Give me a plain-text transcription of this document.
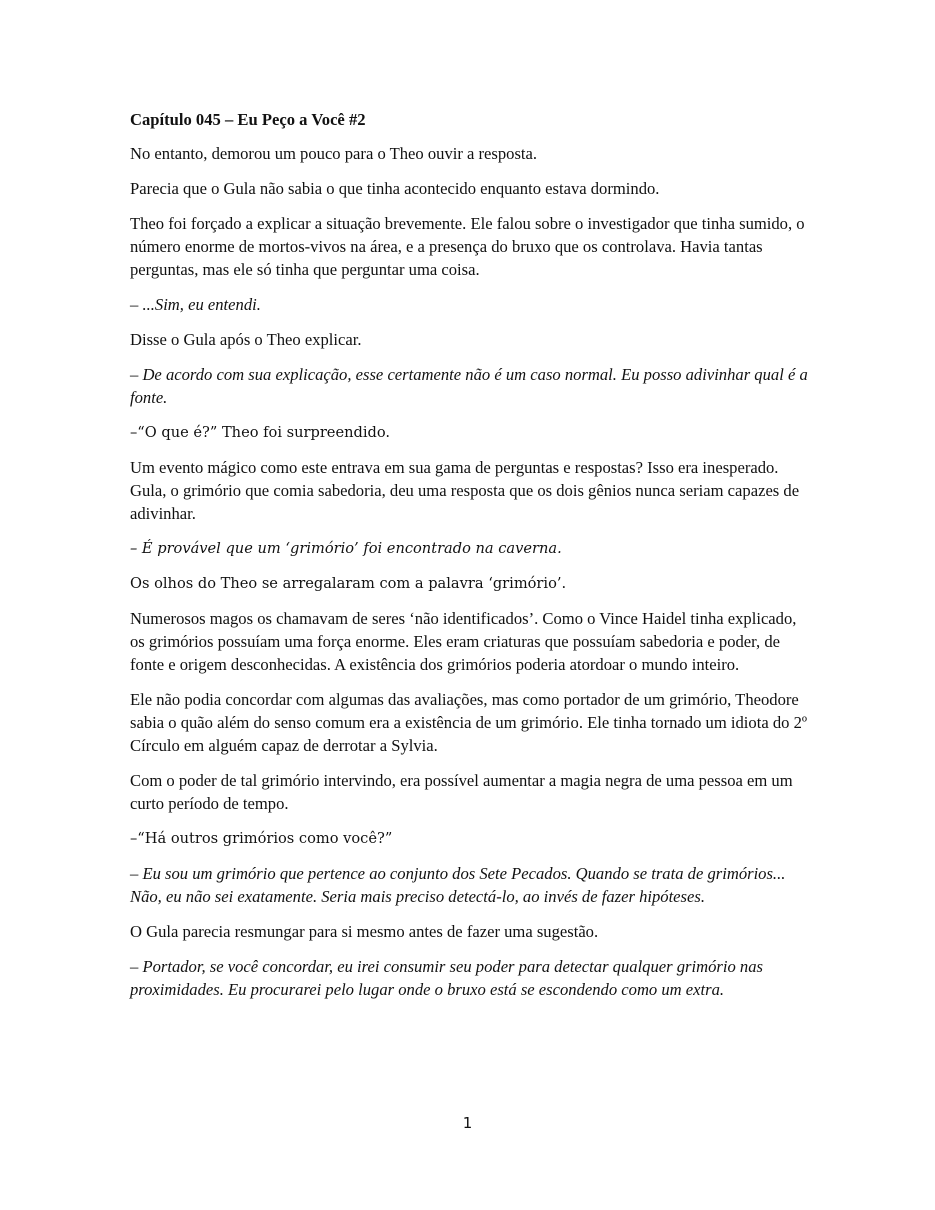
Capítulo 045 – Eu Peço a Você #2

No entanto, demorou um pouco para o Theo ouvir a resposta.

Parecia que o Gula não sabia o que tinha acontecido enquanto estava dormindo.

Theo foi forçado a explicar a situação brevemente. Ele falou sobre o investigador que tinha sumido, o número enorme de mortos-vivos na área, e a presença do bruxo que os controlava. Havia tantas perguntas, mas ele só tinha que perguntar uma coisa.

– ...Sim, eu entendi.

Disse o Gula após o Theo explicar.

– De acordo com sua explicação, esse certamente não é um caso normal. Eu posso adivinhar qual é a fonte.

–“O que é?” Theo foi surpreendido.

Um evento mágico como este entrava em sua gama de perguntas e respostas? Isso era inesperado. Gula, o grimório que comia sabedoria, deu uma resposta que os dois gênios nunca seriam capazes de adivinhar.

– É provável que um ‘grimório’ foi encontrado na caverna.

Os olhos do Theo se arregalaram com a palavra ‘grimório’.

Numerosos magos os chamavam de seres ‘não identificados’. Como o Vince Haidel tinha explicado, os grimórios possuíam uma força enorme. Eles eram criaturas que possuíam sabedoria e poder, de fonte e origem desconhecidas. A existência dos grimórios poderia atordoar o mundo inteiro.

Ele não podia concordar com algumas das avaliações, mas como portador de um grimório, Theodore sabia o quão além do senso comum era a existência de um grimório. Ele tinha tornado um idiota do 2º Círculo em alguém capaz de derrotar a Sylvia.

Com o poder de tal grimório intervindo, era possível aumentar a magia negra de uma pessoa em um curto período de tempo.

–“Há outros grimórios como você?”

– Eu sou um grimório que pertence ao conjunto dos Sete Pecados. Quando se trata de grimórios... Não, eu não sei exatamente. Seria mais preciso detectá-lo, ao invés de fazer hipóteses.

O Gula parecia resmungar para si mesmo antes de fazer uma sugestão.

– Portador, se você concordar, eu irei consumir seu poder para detectar qualquer grimório nas proximidades. Eu procurarei pelo lugar onde o bruxo está se escondendo como um extra.

1
